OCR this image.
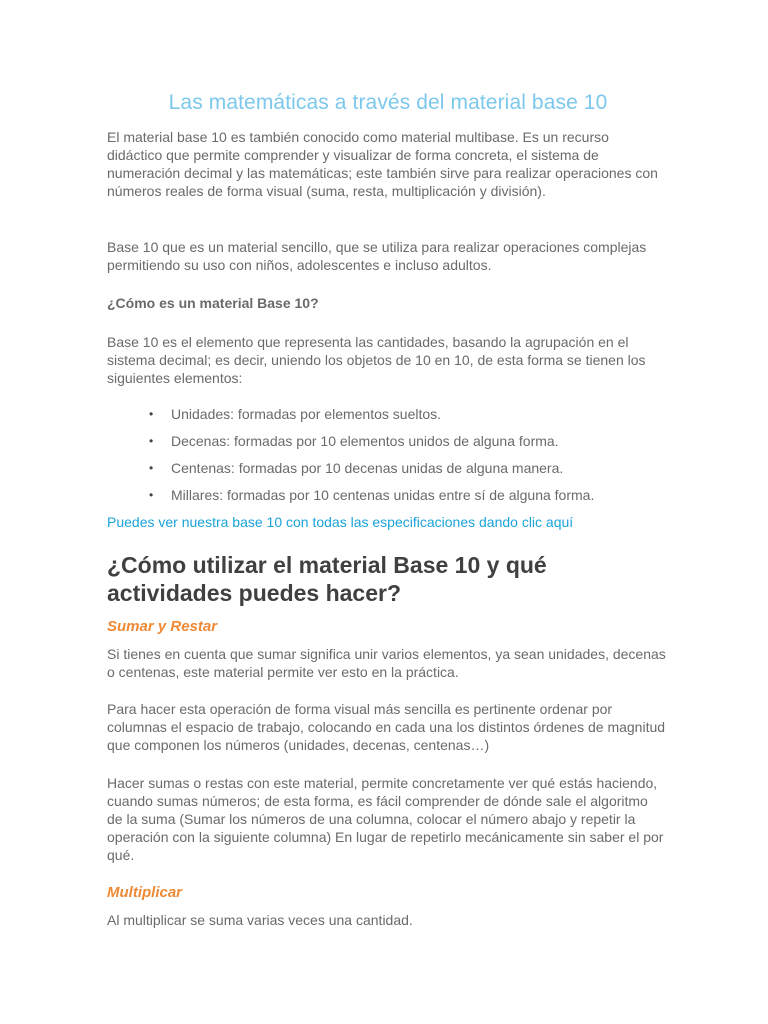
Las matemáticas a través del material base 10

El material base 10 es también conocido como material multibase. Es un recurso didáctico que permite comprender y visualizar de forma concreta, el sistema de numeración decimal y las matemáticas; este también sirve para realizar operaciones con números reales de forma visual (suma, resta, multiplicación y división).

Base 10 que es un material sencillo, que se utiliza para realizar operaciones complejas permitiendo su uso con niños, adolescentes e incluso adultos.

¿Cómo es un material Base 10?

Base 10 es el elemento que representa las cantidades, basando la agrupación en el sistema decimal; es decir, uniendo los objetos de 10 en 10, de esta forma se tienen los siguientes elementos:

• Unidades: formadas por elementos sueltos.
• Decenas: formadas por 10 elementos unidos de alguna forma.
• Centenas: formadas por 10 decenas unidas de alguna manera.
• Millares: formadas por 10 centenas unidas entre sí de alguna forma.
Puedes ver nuestra base 10 con todas las especificaciones dando clic aquí
¿Cómo utilizar el material Base 10 y qué actividades puedes hacer?
Sumar y Restar

Si tienes en cuenta que sumar significa unir varios elementos, ya sean unidades, decenas o centenas, este material permite ver esto en la práctica.

Para hacer esta operación de forma visual más sencilla es pertinente ordenar por columnas el espacio de trabajo, colocando en cada una los distintos órdenes de magnitud que componen los números (unidades, decenas, centenas…)

Hacer sumas o restas con este material, permite concretamente ver qué estás haciendo, cuando sumas números; de esta forma, es fácil comprender de dónde sale el algoritmo de la suma (Sumar los números de una columna, colocar el número abajo y repetir la operación con la siguiente columna) En lugar de repetirlo mecánicamente sin saber el por qué.

Multiplicar

Al multiplicar se suma varias veces una cantidad.
